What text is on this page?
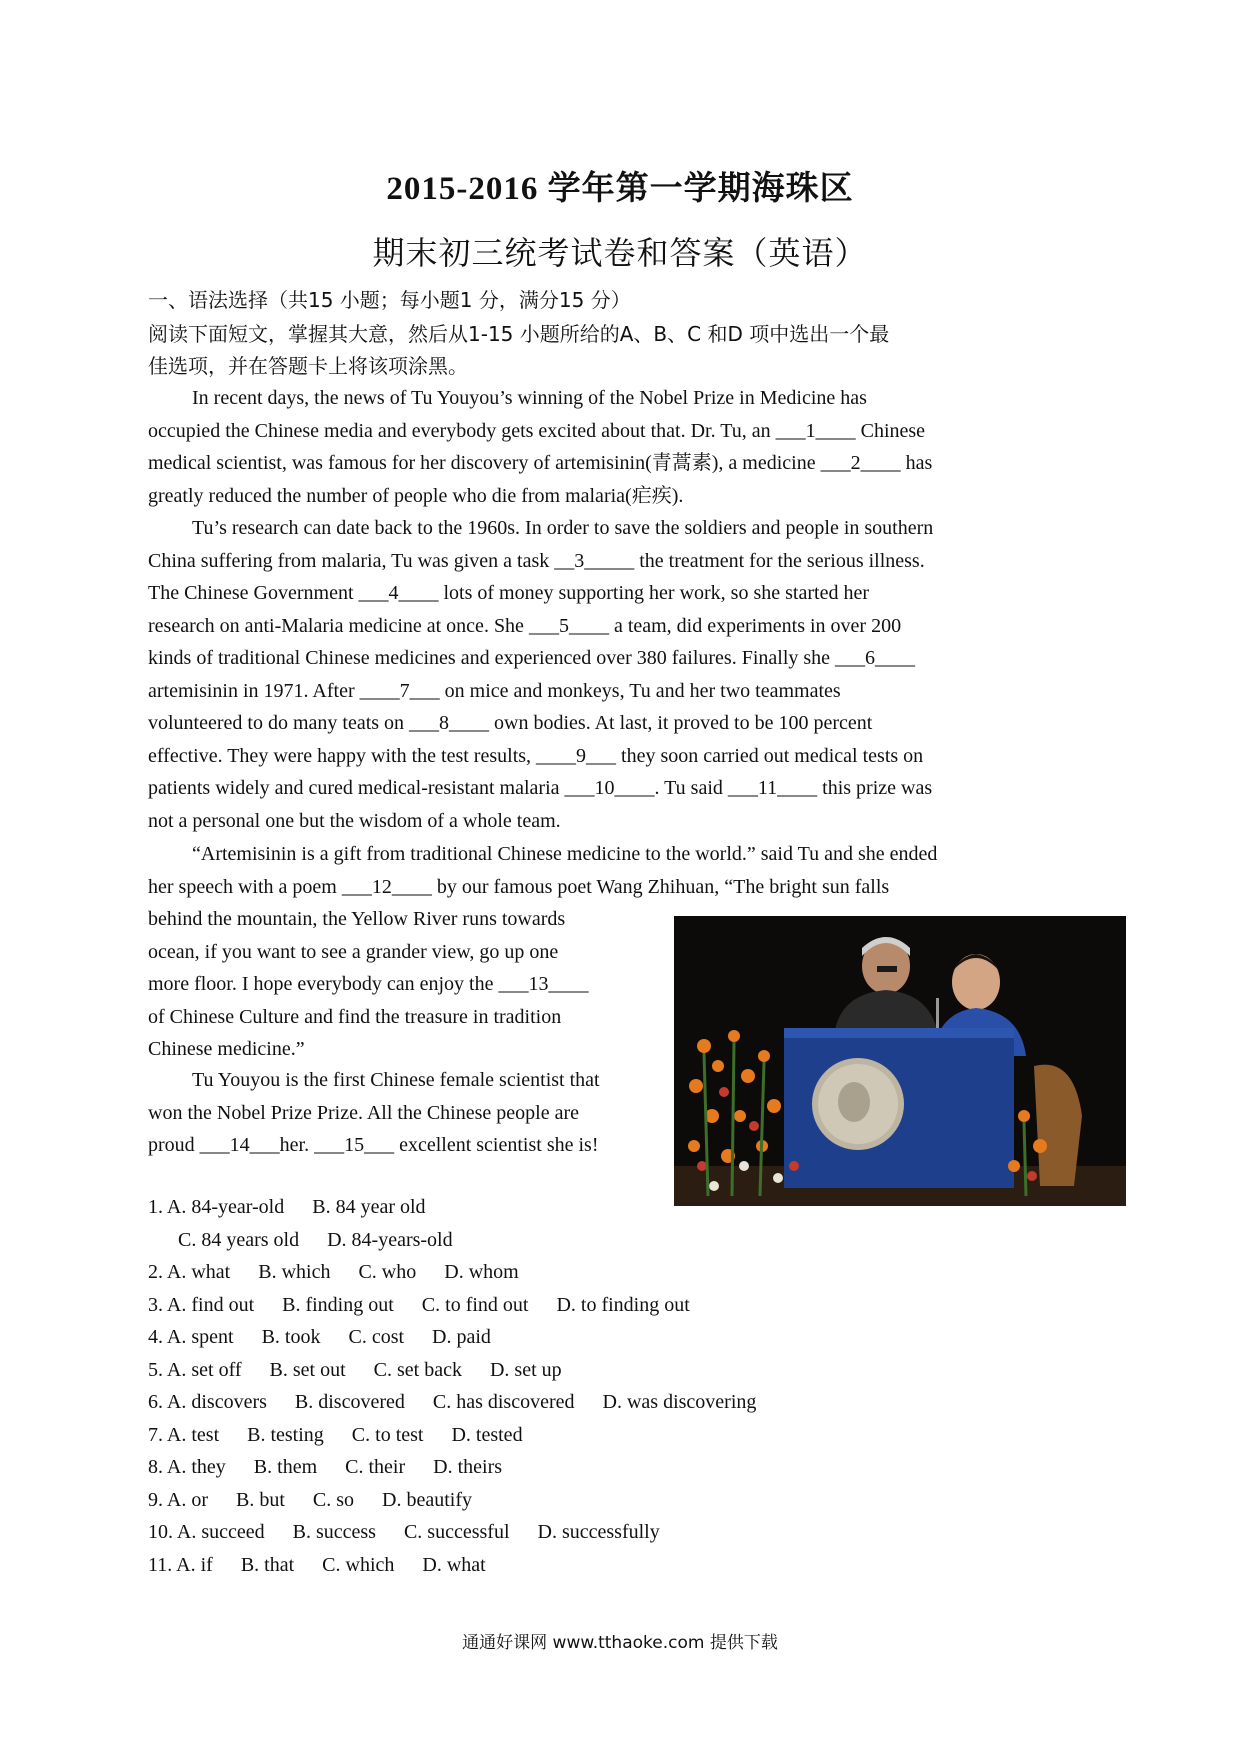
2015-2016 学年第一学期海珠区
期末初三统考试卷和答案（英语）
一、语法选择（共15 小题；每小题1 分，满分15 分）
阅读下面短文，掌握其大意，然后从1-15 小题所给的A、B、C 和D 项中选出一个最
佳选项，并在答题卡上将该项涂黑。
In recent days, the news of Tu Youyou’s winning of the Nobel Prize in Medicine has
occupied the Chinese media and everybody gets excited about that. Dr. Tu, an ___1____ Chinese
medical scientist, was famous for her discovery of artemisinin(青蒿素), a medicine ___2____ has
greatly reduced the number of people who die from malaria(疟疾).
Tu’s research can date back to the 1960s. In order to save the soldiers and people in southern
China suffering from malaria, Tu was given a task __3_____ the treatment for the serious illness.
The Chinese Government ___4____ lots of money supporting her work, so she started her
research on anti-Malaria medicine at once. She ___5____ a team, did experiments in over 200
kinds of traditional Chinese medicines and experienced over 380 failures. Finally she ___6____
artemisinin in 1971. After ____7___ on mice and monkeys, Tu and her two teammates
volunteered to do many teats on ___8____ own bodies. At last, it proved to be 100 percent
effective. They were happy with the test results, ____9___ they soon carried out medical tests on
patients widely and cured medical-resistant malaria ___10____. Tu said ___11____ this prize was
not a personal one but the wisdom of a whole team.
“Artemisinin is a gift from traditional Chinese medicine to the world.” said Tu and she ended
her speech with a poem ___12____ by our famous poet Wang Zhihuan, “The bright sun falls
behind the mountain, the Yellow River runs towards
ocean, if you want to see a grander view, go up one
more floor. I hope everybody can enjoy the ___13____
of Chinese Culture and find the treasure in tradition
Chinese medicine.”
Tu Youyou is the first Chinese female scientist that
won the Nobel Prize Prize. All the Chinese people are
proud ___14___her. ___15___ excellent scientist she is!
1. A. 84-year-old B. 84 year old
C. 84 years old D. 84-years-old
2. A. what B. which C. who D. whom
3. A. find out B. finding out C. to find out D. to finding out
4. A. spent B. took C. cost D. paid
5. A. set off B. set out C. set back D. set up
6. A. discovers B. discovered C. has discovered D. was discovering
7. A. test B. testing C. to test D. tested
8. A. they B. them C. their D. theirs
9. A. or B. but C. so D. beautify
10. A. succeed B. success C. successful D. successfully
11. A. if B. that C. which D. what
通通好课网 www.tthaoke.com 提供下载
